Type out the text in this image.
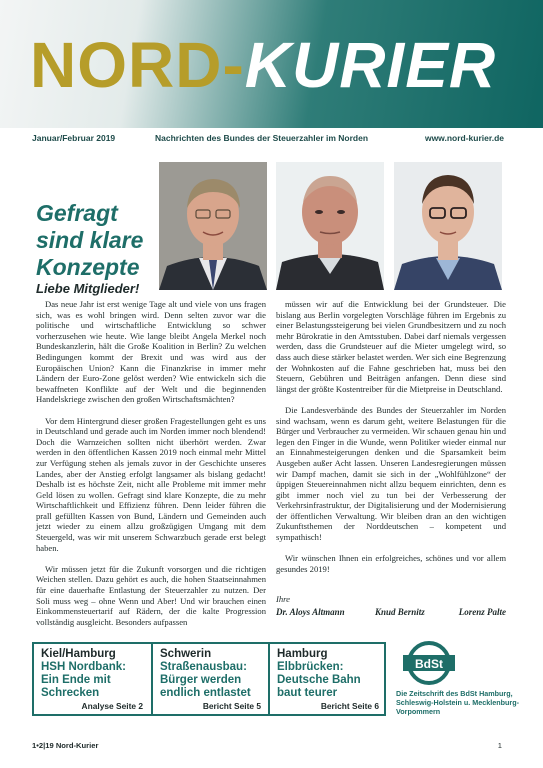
NORD-KURIER
Januar/Februar 2019	Nachrichten des Bundes der Steuerzahler im Norden	www.nord-kurier.de
Gefragt
sind klare
Konzepte
Liebe Mitglieder!

Das neue Jahr ist erst wenige Tage alt und viele von uns fragen sich, was es wohl bringen wird. Denn selten zuvor war die politische und wirtschaftliche Entwicklung so schwer vorherzusehen wie heute. Wie lange bleibt Angela Merkel noch Bundeskanzlerin, hält die Große Koalition in Berlin? Zu welchen Bedingungen kommt der Brexit und was wird aus der Europäischen Union? Kann die Finanzkrise in immer mehr Ländern der Euro-Zone gelöst werden? Wie entwickeln sich die bewaffneten Konflikte auf der Welt und die beginnenden Handelskriege zwischen den großen Wirtschaftsmächten?

Vor dem Hintergrund dieser großen Fragestellungen geht es uns in Deutschland und gerade auch im Norden immer noch blendend! Doch die Warnzeichen sollten nicht überhört werden. Zwar werden in den öffentlichen Kassen 2019 noch einmal mehr Mittel zur Verfügung stehen als jemals zuvor in der Geschichte unseres Landes, aber der Anstieg erfolgt langsamer als bislang gedacht! Deshalb ist es höchste Zeit, nicht alle Probleme mit immer mehr Geld lösen zu wollen. Gefragt sind klare Konzepte, die zu mehr Wirtschaftlichkeit und Effizienz führen. Denn leider führen die prall gefüllten Kassen von Bund, Ländern und Gemeinden auch jetzt wieder zu einem allzu großzügigen Umgang mit dem Steuergeld, was wir mit unserem Schwarzbuch gerade erst belegt haben.

Wir müssen jetzt für die Zukunft vorsorgen und die richtigen Weichen stellen. Dazu gehört es auch, die hohen Staatseinnahmen für eine dauerhafte Entlastung der Steuerzahler zu nutzen. Der Soli muss weg – ohne Wenn und Aber! Und wir brauchen einen Einkommensteuertarif auf Rädern, der die kalte Progression vollständig ausgleicht. Besonders aufpassen

müssen wir auf die Entwicklung bei der Grundsteuer. Die bislang aus Berlin vorgelegten Vorschläge führen im Ergebnis zu einer Belastungssteigerung bei vielen Grundbesitzern und zu noch mehr Bürokratie in den Amtsstuben. Dabei darf niemals vergessen werden, dass die Grundsteuer auf die Mieter umgelegt wird, so dass auch diese stärker belastet werden. Wer sich eine Begrenzung der Wohnkosten auf die Fahne geschrieben hat, muss bei den Steuern, Gebühren und Beiträgen anfangen. Denn diese sind längst der größte Kostentreiber für die Mietpreise in Deutschland.

Die Landesverbände des Bundes der Steuerzahler im Norden sind wachsam, wenn es darum geht, weitere Belastungen für die Bürger und Verbraucher zu vermeiden. Wir schauen genau hin und legen den Finger in die Wunde, wenn Politiker wieder einmal nur an Einnahmesteigerungen denken und die Sparsamkeit beim Ausgeben außer Acht lassen. Unseren Landesregierungen müssen wir Dampf machen, damit sie sich in der „Wohlfühlzone“ der üppigen Steuereinnahmen nicht allzu bequem einrichten, denn es gibt immer noch viel zu tun bei der Verbesserung der Verkehrsinfrastruktur, der Digitalisierung und der Modernisierung der öffentlichen Verwaltung. Wir bleiben dran an den wichtigen Zukunftsthemen der Norddeutschen – kompetent und sympathisch!

Wir wünschen Ihnen ein erfolgreiches, schönes und vor allem gesundes 2019!

Ihre
Dr. Aloys Altmann	Knud Bernitz	Lorenz Palte
Kiel/Hamburg
HSH Nordbank: Ein Ende mit Schrecken
Analyse Seite 2
Schwerin
Straßenausbau: Bürger werden endlich entlastet
Bericht Seite 5
Hamburg
Elbbrücken: Deutsche Bahn baut teurer
Bericht Seite 6
BdSt
Die Zeitschrift des BdSt Hamburg, Schleswig-Holstein u. Mecklenburg-Vorpommern
1•2|19 Nord-Kurier	1
